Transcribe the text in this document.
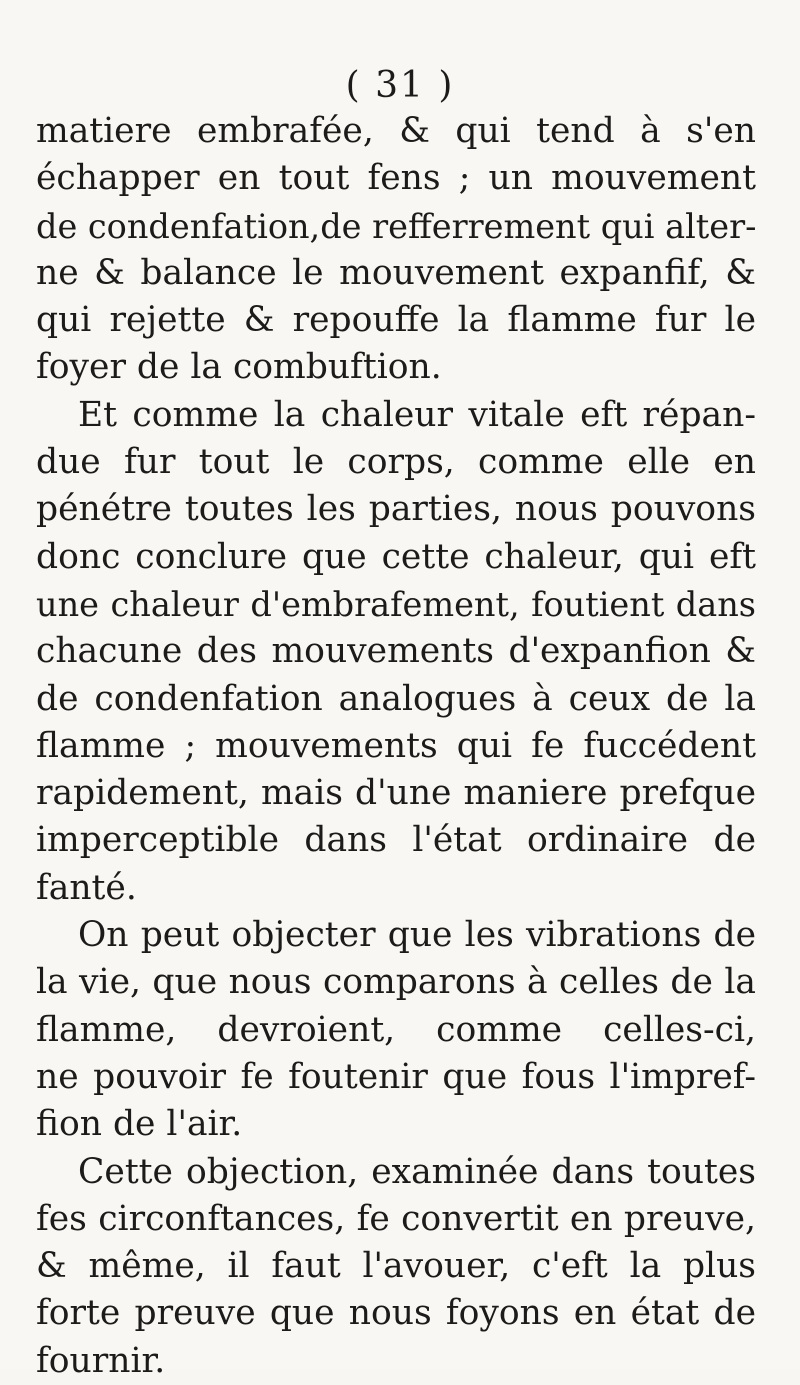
( 31 )
matiere embrafée, & qui tend à s'en
échapper en tout fens ; un mouvement
de condenfation,de refferrement qui alter-
ne & balance le mouvement expanfif, &
qui rejette & repouffe la flamme fur le
foyer de la combuftion.
Et comme la chaleur vitale eft répan-
due fur tout le corps, comme elle en
pénétre toutes les parties, nous pouvons
donc conclure que cette chaleur, qui eft
une chaleur d'embrafement, foutient dans
chacune des mouvements d'expanfion &
de condenfation analogues à ceux de la
flamme ; mouvements qui fe fuccédent
rapidement, mais d'une maniere prefque
imperceptible dans l'état ordinaire de
fanté.
On peut objecter que les vibrations de
la vie, que nous comparons à celles de la
flamme, devroient, comme celles-ci,
ne pouvoir fe foutenir que fous l'impref-
fion de l'air.
Cette objection, examinée dans toutes
fes circonftances, fe convertit en preuve,
& même, il faut l'avouer, c'eft la plus
forte preuve que nous foyons en état de
fournir.
